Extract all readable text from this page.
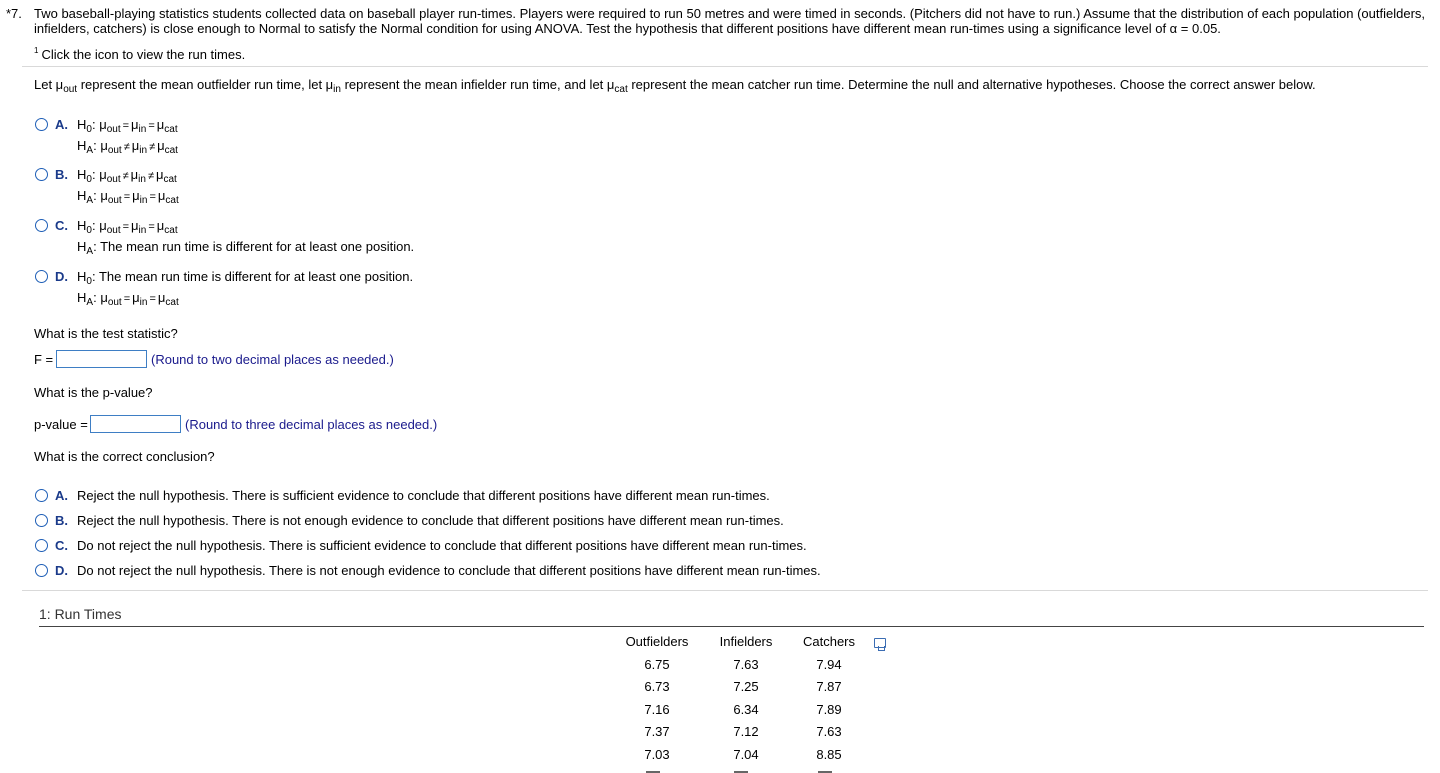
*7. Two baseball-playing statistics students collected data on baseball player run-times. Players were required to run 50 metres and were timed in seconds. (Pitchers did not have to run.) Assume that the distribution of each population (outfielders, infielders, catchers) is close enough to Normal to satisfy the Normal condition for using ANOVA. Test the hypothesis that different positions have different mean run-times using a significance level of α = 0.05.
$^1$ Click the icon to view the run times.
Let $\mu_{out}$ represent the mean outfielder run time, let $\mu_{in}$ represent the mean infielder run time, and let $\mu_{cat}$ represent the mean catcher run time. Determine the null and alternative hypotheses. Choose the correct answer below.
A. $H_0$: $\mu_{out} = \mu_{in} = \mu_{cat}$
$H_A$: $\mu_{out} \ne \mu_{in} \ne \mu_{cat}$
B. $H_0$: $\mu_{out} \ne \mu_{in} \ne \mu_{cat}$
$H_A$: $\mu_{out} = \mu_{in} = \mu_{cat}$
C. $H_0$: $\mu_{out} = \mu_{in} = \mu_{cat}$
$H_A$: The mean run time is different for at least one position.
D. $H_0$: The mean run time is different for at least one position.
$H_A$: $\mu_{out} = \mu_{in} = \mu_{cat}$
What is the test statistic?
F =	(Round to two decimal places as needed.)
What is the p-value?
p-value =	(Round to three decimal places as needed.)
What is the correct conclusion?
A. Reject the null hypothesis. There is sufficient evidence to conclude that different positions have different mean run-times.
B. Reject the null hypothesis. There is not enough evidence to conclude that different positions have different mean run-times.
C. Do not reject the null hypothesis. There is sufficient evidence to conclude that different positions have different mean run-times.
D. Do not reject the null hypothesis. There is not enough evidence to conclude that different positions have different mean run-times.
1: Run Times
Outfielders	Infielders	Catchers
6.75	7.63	7.94
6.73	7.25	7.87
7.16	6.34	7.89
7.37	7.12	7.63
7.03	7.04	8.85
